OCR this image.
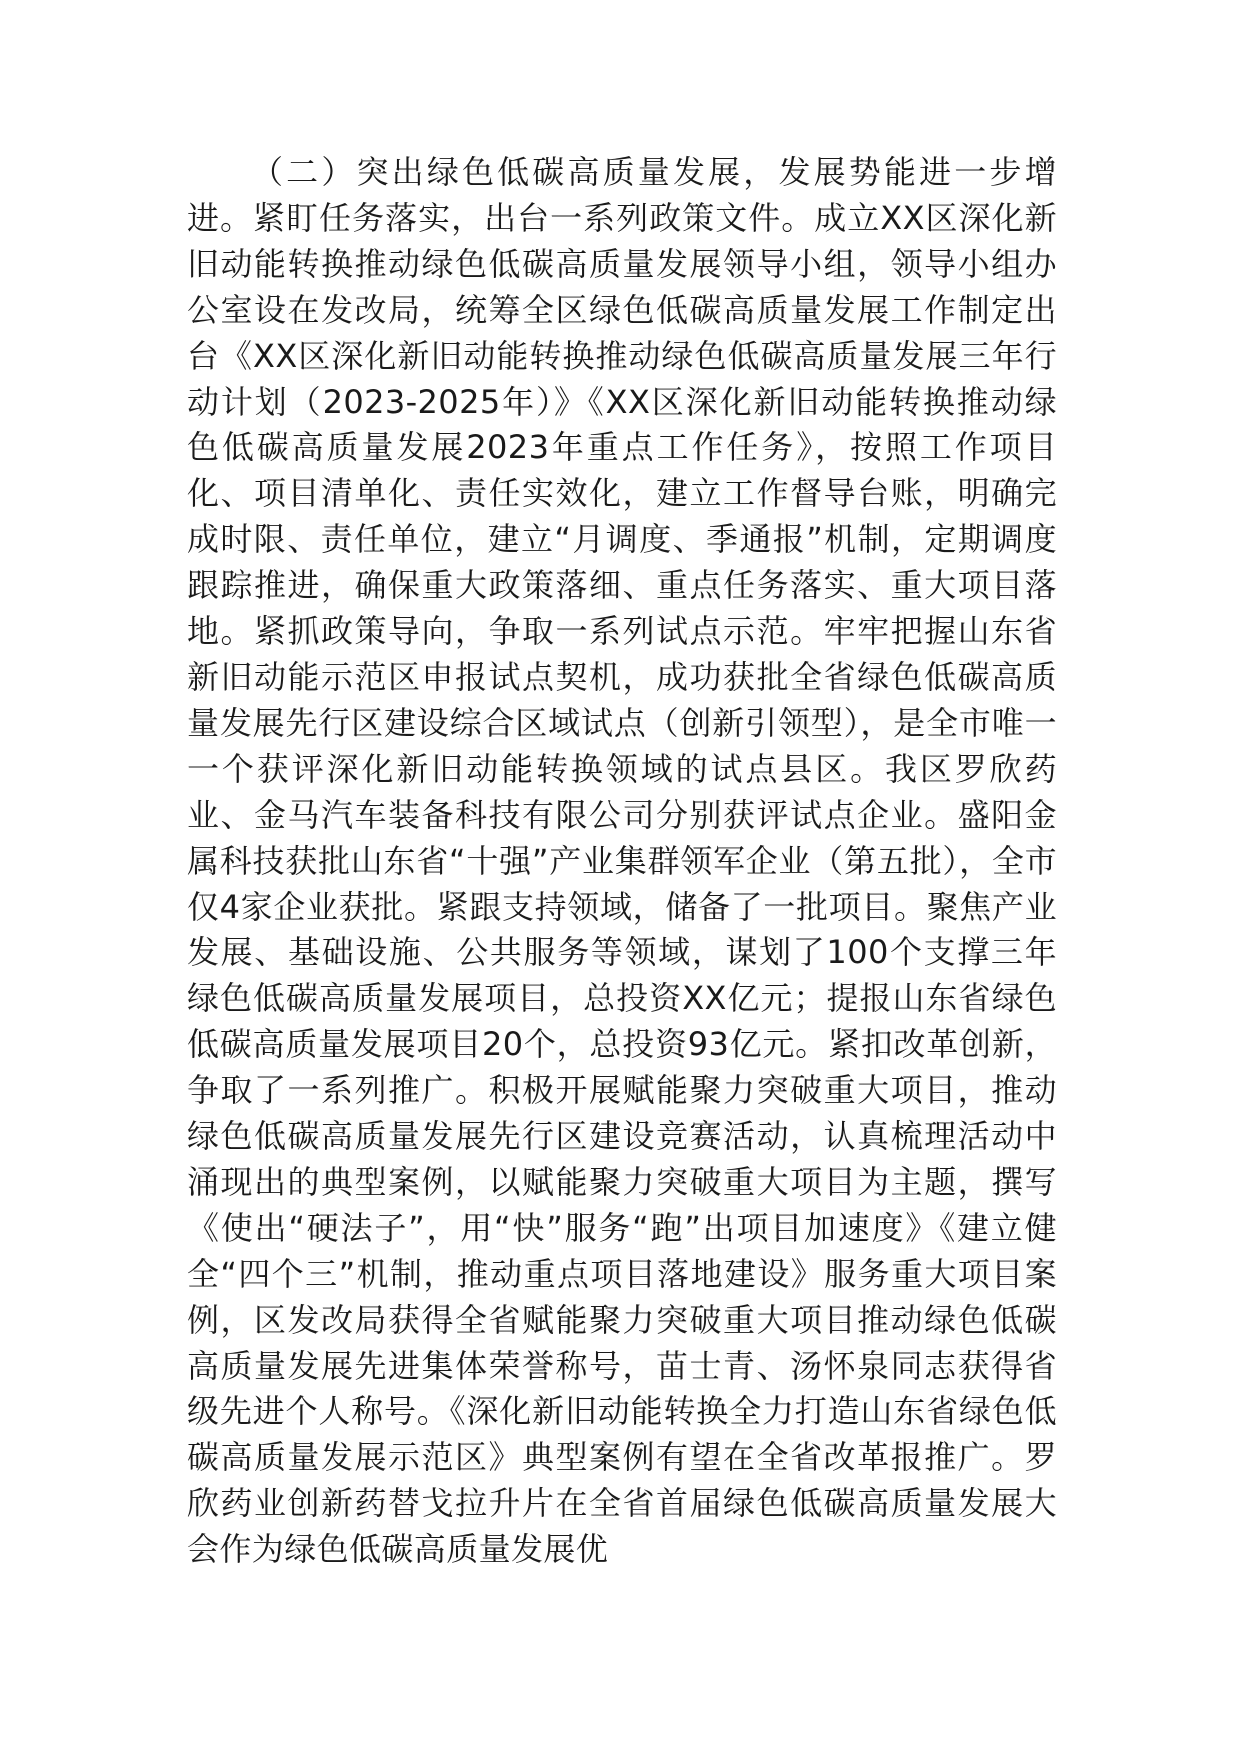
（二）突出绿色低碳高质量发展，发展势能进一步增进。紧盯任务落实，出台一系列政策文件。成立XX区深化新旧动能转换推动绿色低碳高质量发展领导小组，领导小组办公室设在发改局，统筹全区绿色低碳高质量发展工作制定出台《XX区深化新旧动能转换推动绿色低碳高质量发展三年行动计划（2023-2025年）》《XX区深化新旧动能转换推动绿色低碳高质量发展2023年重点工作任务》，按照工作项目化、项目清单化、责任实效化，建立工作督导台账，明确完成时限、责任单位，建立“月调度、季通报”机制，定期调度跟踪推进，确保重大政策落细、重点任务落实、重大项目落地。紧抓政策导向，争取一系列试点示范。牢牢把握山东省新旧动能示范区申报试点契机，成功获批全省绿色低碳高质量发展先行区建设综合区域试点（创新引领型），是全市唯一一个获评深化新旧动能转换领域的试点县区。我区罗欣药业、金马汽车装备科技有限公司分别获评试点企业。盛阳金属科技获批山东省“十强”产业集群领军企业（第五批），全市仅4家企业获批。紧跟支持领域，储备了一批项目。聚焦产业发展、基础设施、公共服务等领域，谋划了100个支撑三年绿色低碳高质量发展项目，总投资XX亿元；提报山东省绿色低碳高质量发展项目20个，总投资93亿元。紧扣改革创新，争取了一系列推广。积极开展赋能聚力突破重大项目，推动绿色低碳高质量发展先行区建设竞赛活动，认真梳理活动中涌现出的典型案例，以赋能聚力突破重大项目为主题，撰写《使出“硬法子”，用“快”服务“跑”出项目加速度》《建立健全“四个三”机制，推动重点项目落地建设》服务重大项目案例，区发改局获得全省赋能聚力突破重大项目推动绿色低碳高质量发展先进集体荣誉称号，苗士青、汤怀泉同志获得省级先进个人称号。《深化新旧动能转换全力打造山东省绿色低碳高质量发展示范区》典型案例有望在全省改革报推广。罗欣药业创新药替戈拉升片在全省首届绿色低碳高质量发展大会作为绿色低碳高质量发展优
